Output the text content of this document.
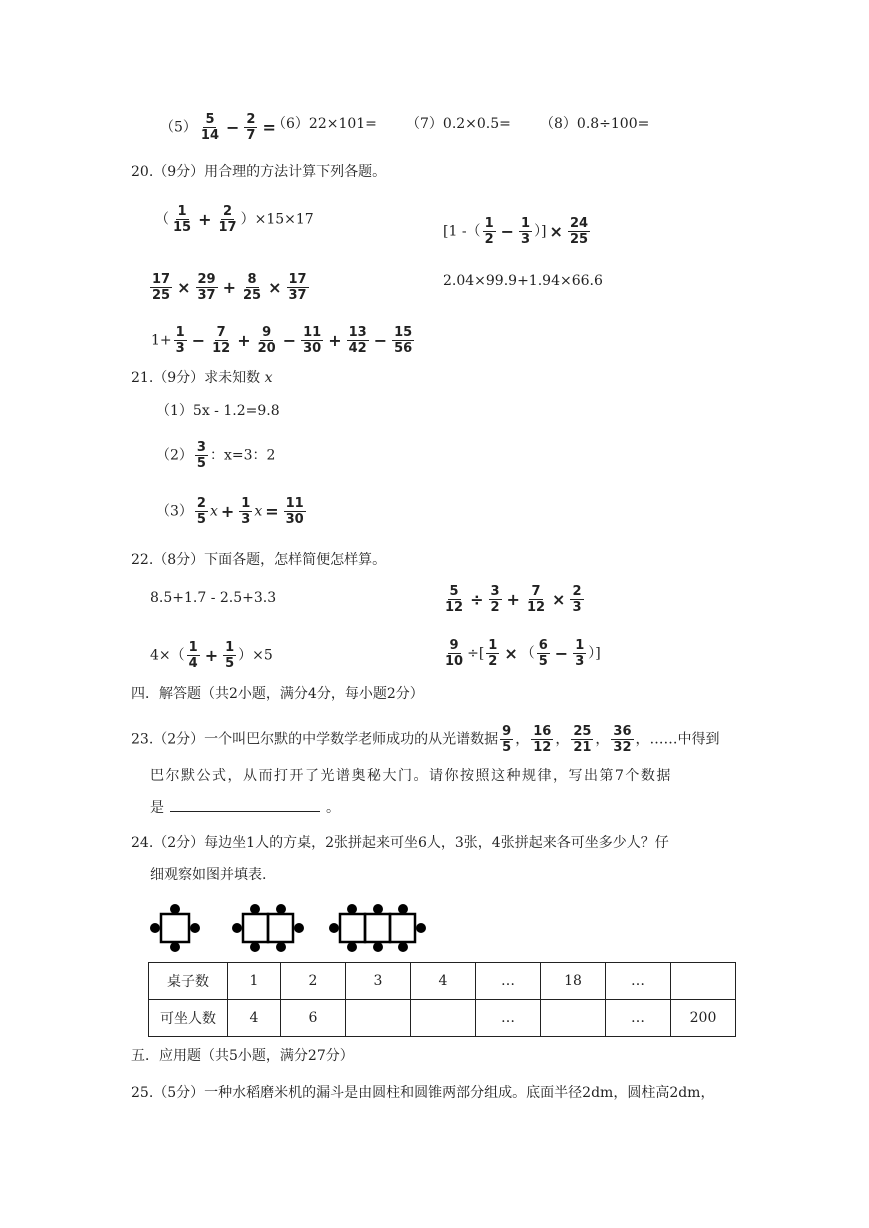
$(5) \frac{5}{14} - \frac{2}{7}$ =
（6）22×101= （7）0.2×0.5= （8）0.8÷100=
20.（9分）用合理的方法计算下列各题。
（ $\frac{1}{15} + \frac{2}{17} )\times 15\times 17$
[1 -（ $\frac{1}{2} - \frac{1}{3}$ ）] × $\frac{24}{25}$
$\frac{17}{25} \times \frac{29}{37} + \frac{8}{25} \times \frac{17}{37}$	2.04×99.9+1.94×66.6
$1+ \frac{1}{3} - \frac{7}{12} + \frac{9}{20} - \frac{11}{30} + \frac{13}{42} - \frac{15}{56}$
21.（9分）求未知数 x
（1）5x - 1.2=9.8
$(2) \frac{3}{5}$ ：x=3：2
$(3) \frac{2}{5}$ $x + \frac{1}{3}$ $x = \frac{11}{30}$
22.（8分）下面各题，怎样简便怎样算。
8.5+1.7 - 2.5+3.3	$\frac{5}{12} \div \frac{3}{2} + \frac{7}{12} \times \frac{2}{3}$
$4\times( \frac{1}{4} + \frac{1}{5} )\times 5$	$\frac{9}{10}$ ÷[ $\frac{1}{2}$ × （ $\frac{6}{5} - \frac{1}{3}$ ）]
四．解答题（共2小题，满分4分，每小题2分）
23.（2分）一个叫巴尔默的中学数学老师成功的从光谱数据 $\frac{9}{5}$ ， $\frac{16}{12}$ ， $\frac{25}{21}$ ， $\frac{36}{32}$ ，……中得到
巴尔默公式，从而打开了光谱奥秘大门。请你按照这种规律，写出第7个数据
是	。
24.（2分）每边坐1人的方桌，2张拼起来可坐6人，3张，4张拼起来各可坐多少人？仔
细观察如图并填表.
桌子数	1	2	3	4	…	18	…	
可坐人数	4	6			…		…	200
五．应用题（共5小题，满分27分）
25.（5分）一种水稻磨米机的漏斗是由圆柱和圆锥两部分组成。底面半径2dm，圆柱高2dm，
